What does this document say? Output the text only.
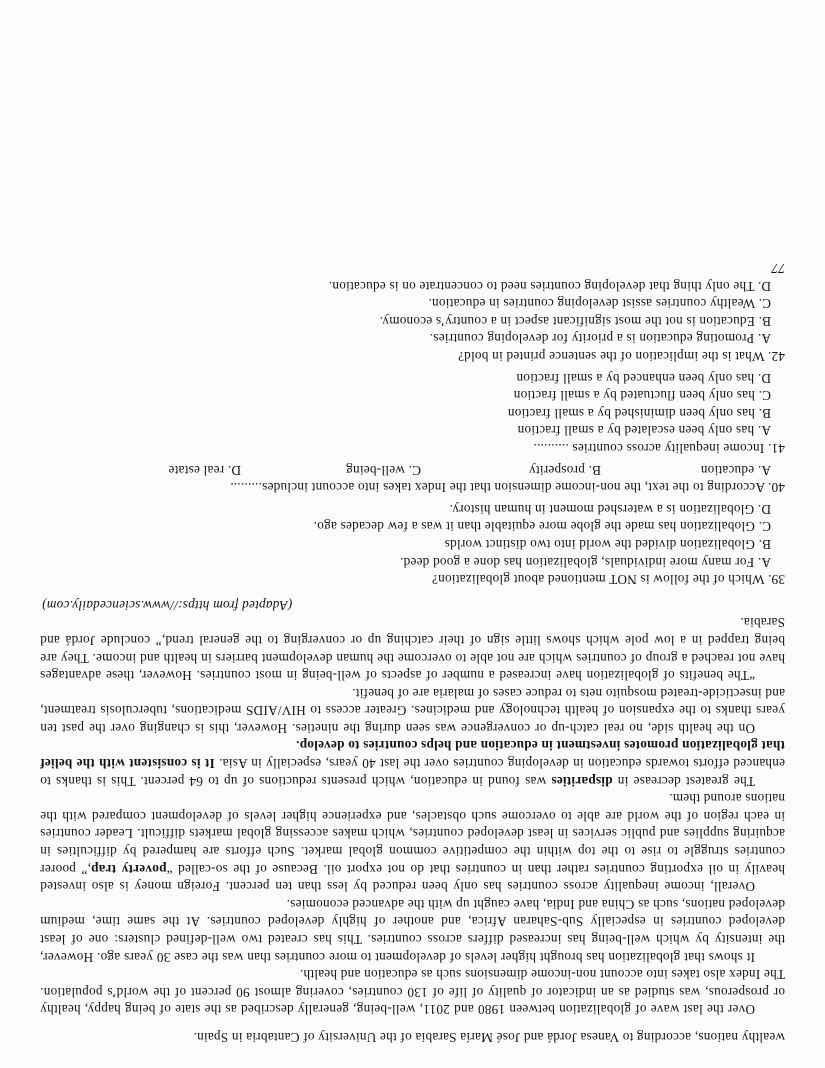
wealthy nations, according to Vanesa Jordá and José María Sarabia of the University of Cantabria in Spain.

Over the last wave of globalization between 1980 and 2011, well-being, generally described as the state of being happy, healthy or prosperous, was studied as an indicator of quality of life of 130 countries, covering almost 90 percent of the world’s population. The Index also takes into account non-income dimensions such as education and health.

It shows that globalization has brought higher levels of development to more countries than was the case 30 years ago. However, the intensity by which well-being has increased differs across countries. This has created two well-defined clusters: one of least developed countries in especially Sub-Saharan Africa, and another of highly developed countries. At the same time, medium developed nations, such as China and India, have caught up with the advanced economies.

Overall, income inequality across countries has only been reduced by less than ten percent. Foreign money is also invested heavily in oil exporting countries rather than in countries that do not export oil. Because of the so-called “poverty trap,” poorer countries struggle to rise to the top within the competitive common global market. Such efforts are hampered by difficulties in acquiring supplies and public services in least developed countries, which makes accessing global markets difficult. Leader countries in each region of the world are able to overcome such obstacles, and experience higher levels of development compared with the nations around them.

The greatest decrease in disparities was found in education, which presents reductions of up to 64 percent. This is thanks to enhanced efforts towards education in developing countries over the last 40 years, especially in Asia. It is consistent with the belief that globalization promotes investment in education and helps countries to develop.

On the health side, no real catch-up or convergence was seen during the nineties. However, this is changing over the past ten years thanks to the expansion of health technology and medicines. Greater access to HIV/AIDS medications, tuberculosis treatment, and insecticide-treated mosquito nets to reduce cases of malaria are of benefit.

“The benefits of globalization have increased a number of aspects of well-being in most countries. However, these advantages have not reached a group of countries which are not able to overcome the human development barriers in health and income. They are being trapped in a low pole which shows little sign of their catching up or converging to the general trend,” conclude Jordá and Sarabia.

(Adapted from https://www.sciencedaily.com)

39. Which of the follow is NOT mentioned about globalization?

A. For many more individuals, globalization has done a good deed.

B. Globalization divided the world into two distinct worlds

C. Globalization has made the globe more equitable than it was a few decades ago.

D. Globalization is a watershed moment in human history.

40. According to the text, the non-income dimension that the Index takes into account includes.........

A. education
B. prosperity
C. well-being
D. real estate

41. Income inequality across countries ..........

A. has only been escalated by a small fraction

B. has only been diminished by a small fraction

C. has only been fluctuated by a small fraction

D. has only been enhanced by a small fraction

42. What is the implication of the sentence printed in bold?

A. Promoting education is a priority for developing countries.

B. Education is not the most significant aspect in a country’s economy.

C. Wealthy countries assist developing countries in education.

D. The only thing that developing countries need to concentrate on is education.

77
